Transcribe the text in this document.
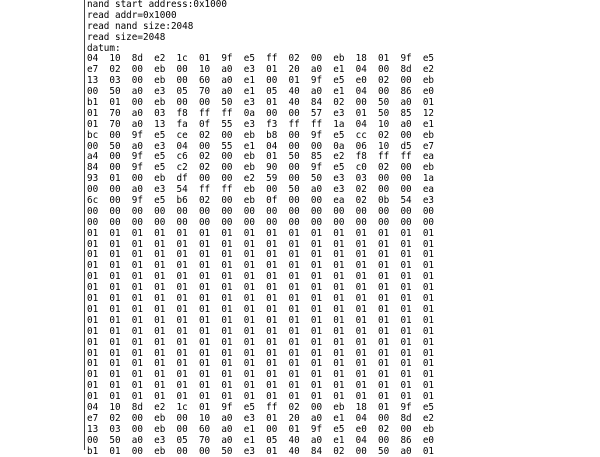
nand start address:0x1000
read addr=0x1000
read nand size:2048
read size=2048
datum:
04  10  8d  e2  1c  01  9f  e5  ff  02  00  eb  18  01  9f  e5
e7  02  00  eb  00  10  a0  e3  01  20  a0  e1  04  00  8d  e2
13  03  00  eb  00  60  a0  e1  00  01  9f  e5  e0  02  00  eb
00  50  a0  e3  05  70  a0  e1  05  40  a0  e1  04  00  86  e0
b1  01  00  eb  00  00  50  e3  01  40  84  02  00  50  a0  01
01  70  a0  03  f8  ff  ff  0a  00  00  57  e3  01  50  85  12
01  70  a0  13  fa  0f  55  e3  f3  ff  ff  1a  04  10  a0  e1
bc  00  9f  e5  ce  02  00  eb  b8  00  9f  e5  cc  02  00  eb
00  50  a0  e3  04  00  55  e1  04  00  00  0a  06  10  d5  e7
a4  00  9f  e5  c6  02  00  eb  01  50  85  e2  f8  ff  ff  ea
84  00  9f  e5  c2  02  00  eb  90  00  9f  e5  c0  02  00  eb
93  01  00  eb  df  00  00  e2  59  00  50  e3  03  00  00  1a
00  00  a0  e3  54  ff  ff  eb  00  50  a0  e3  02  00  00  ea
6c  00  9f  e5  b6  02  00  eb  0f  00  00  ea  02  0b  54  e3
00  00  00  00  00  00  00  00  00  00  00  00  00  00  00  00
00  00  00  00  00  00  00  00  00  00  00  00  00  00  00  00
01  01  01  01  01  01  01  01  01  01  01  01  01  01  01  01
01  01  01  01  01  01  01  01  01  01  01  01  01  01  01  01
01  01  01  01  01  01  01  01  01  01  01  01  01  01  01  01
01  01  01  01  01  01  01  01  01  01  01  01  01  01  01  01
01  01  01  01  01  01  01  01  01  01  01  01  01  01  01  01
01  01  01  01  01  01  01  01  01  01  01  01  01  01  01  01
01  01  01  01  01  01  01  01  01  01  01  01  01  01  01  01
01  01  01  01  01  01  01  01  01  01  01  01  01  01  01  01
01  01  01  01  01  01  01  01  01  01  01  01  01  01  01  01
01  01  01  01  01  01  01  01  01  01  01  01  01  01  01  01
01  01  01  01  01  01  01  01  01  01  01  01  01  01  01  01
01  01  01  01  01  01  01  01  01  01  01  01  01  01  01  01
01  01  01  01  01  01  01  01  01  01  01  01  01  01  01  01
01  01  01  01  01  01  01  01  01  01  01  01  01  01  01  01
01  01  01  01  01  01  01  01  01  01  01  01  01  01  01  01
01  01  01  01  01  01  01  01  01  01  01  01  01  01  01  01
04  10  8d  e2  1c  01  9f  e5  ff  02  00  eb  18  01  9f  e5
e7  02  00  eb  00  10  a0  e3  01  20  a0  e1  04  00  8d  e2
13  03  00  eb  00  60  a0  e1  00  01  9f  e5  e0  02  00  eb
00  50  a0  e3  05  70  a0  e1  05  40  a0  e1  04  00  86  e0
b1  01  00  eb  00  00  50  e3  01  40  84  02  00  50  a0  01
